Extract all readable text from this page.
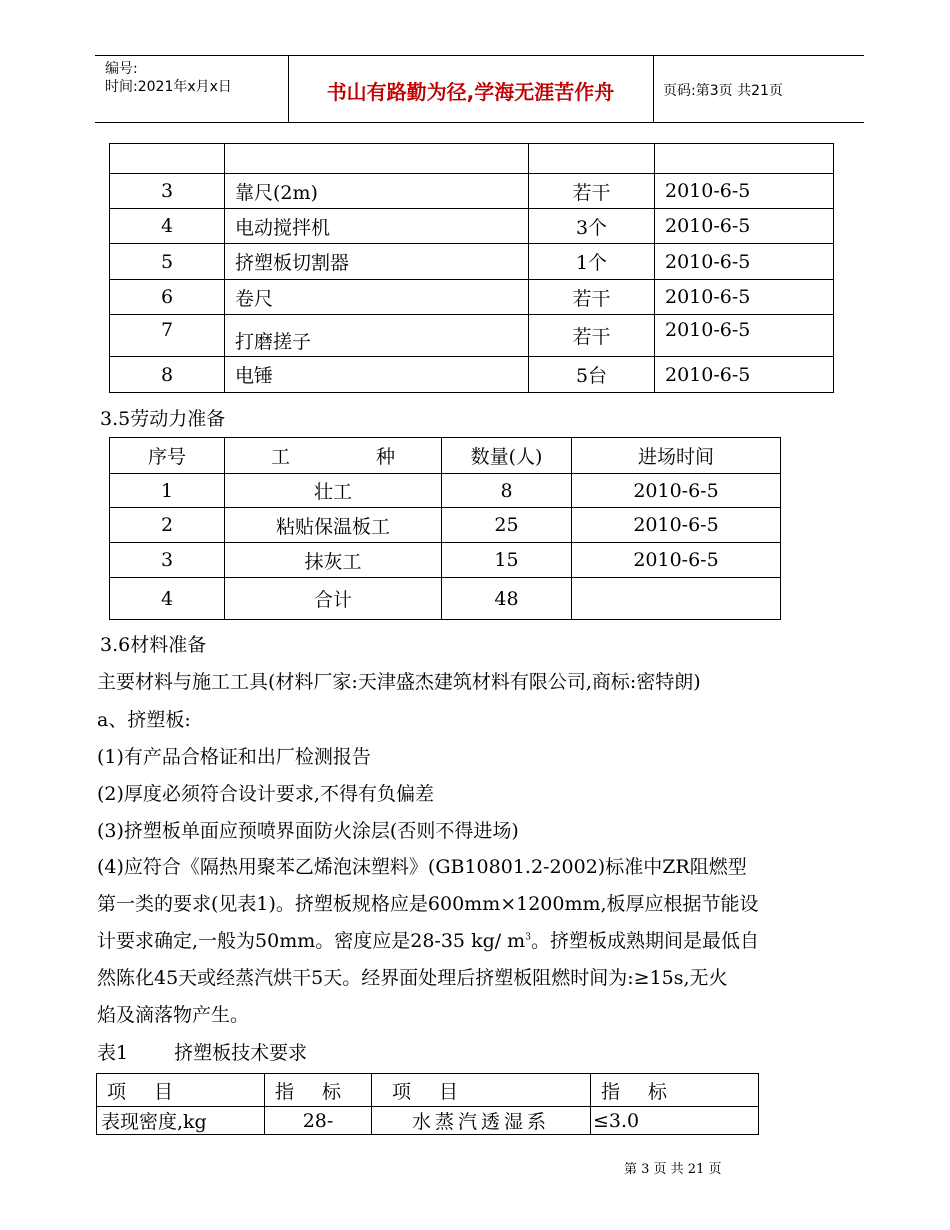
编号:
时间:2021年x月x日	书山有路勤为径,学海无涯苦作舟	页码:第3页 共21页

3	靠尺(2m)	若干	2010-6-5
4	电动搅拌机	3个	2010-6-5
5	挤塑板切割器	1个	2010-6-5
6	卷尺	若干	2010-6-5
7	打磨搓子	若干	2010-6-5
8	电锤	5台	2010-6-5
3.5劳动力准备
序号	工 种	数量(人)	进场时间
1	壮工	8	2010-6-5
2	粘贴保温板工	25	2010-6-5
3	抹灰工	15	2010-6-5
4	合计	48	
3.6材料准备
主要材料与施工工具(材料厂家:天津盛杰建筑材料有限公司,商标:密特朗)
a、挤塑板:
(1)有产品合格证和出厂检测报告
(2)厚度必须符合设计要求,不得有负偏差
(3)挤塑板单面应预喷界面防火涂层(否则不得进场)
(4)应符合《隔热用聚苯乙烯泡沫塑料》(GB10801.2-2002)标准中ZR阻燃型
第一类的要求(见表1)。挤塑板规格应是600mm×1200mm,板厚应根据节能设
计要求确定,一般为50mm。密度应是28-35 kg/ $m^3$。挤塑板成熟期间是最低自
然陈化45天或经蒸汽烘干5天。经界面处理后挤塑板阻燃时间为:≥15s,无火
焰及滴落物产生。
表1 挤塑板技术要求
项 目	指 标	项 目	指 标
表现密度,kg	28-	水蒸汽透湿系	≤3.0
第 3 页 共 21 页
